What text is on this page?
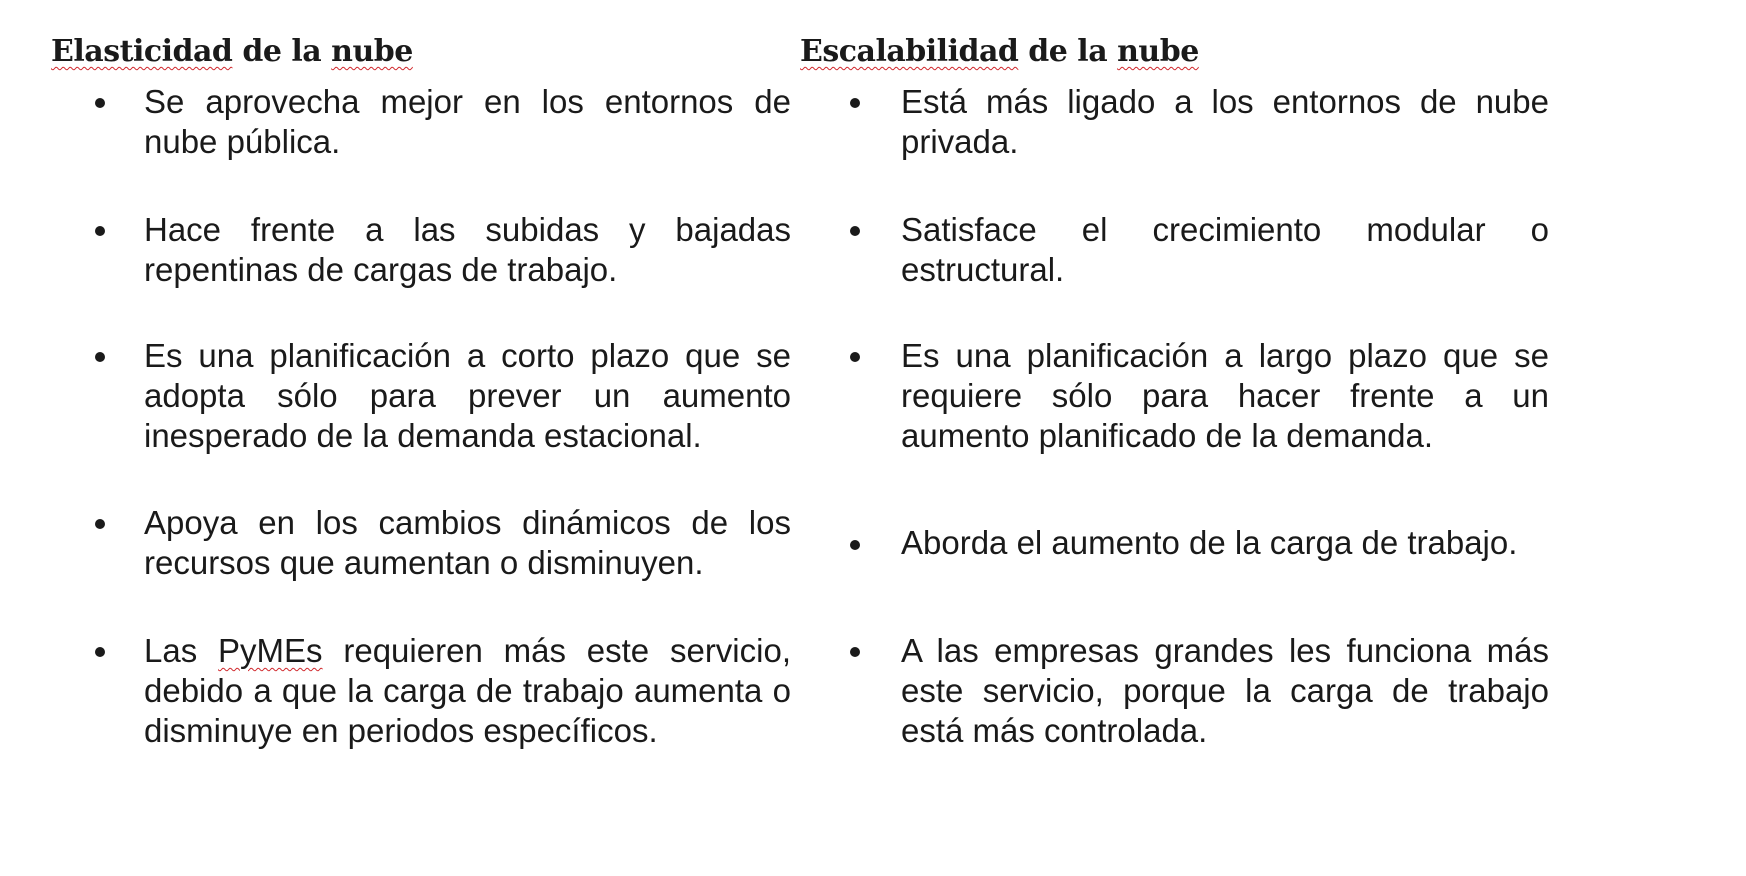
Elasticidad de la nube

Se aprovecha mejor en los entornos de nube pública.

Hace frente a las subidas y bajadas repentinas de cargas de trabajo.

Es una planificación a corto plazo que se adopta sólo para prever un aumento inesperado de la demanda estacional.

Apoya en los cambios dinámicos de los recursos que aumentan o disminuyen.

Las PyMEs requieren más este servicio, debido a que la carga de trabajo aumenta o disminuye en periodos específicos.

Escalabilidad de la nube

Está más ligado a los entornos de nube privada.

Satisface el crecimiento modular o estructural.

Es una planificación a largo plazo que se requiere sólo para hacer frente a un aumento planificado de la demanda.

Aborda el aumento de la carga de trabajo.

A las empresas grandes les funciona más este servicio, porque la carga de trabajo está más controlada.
